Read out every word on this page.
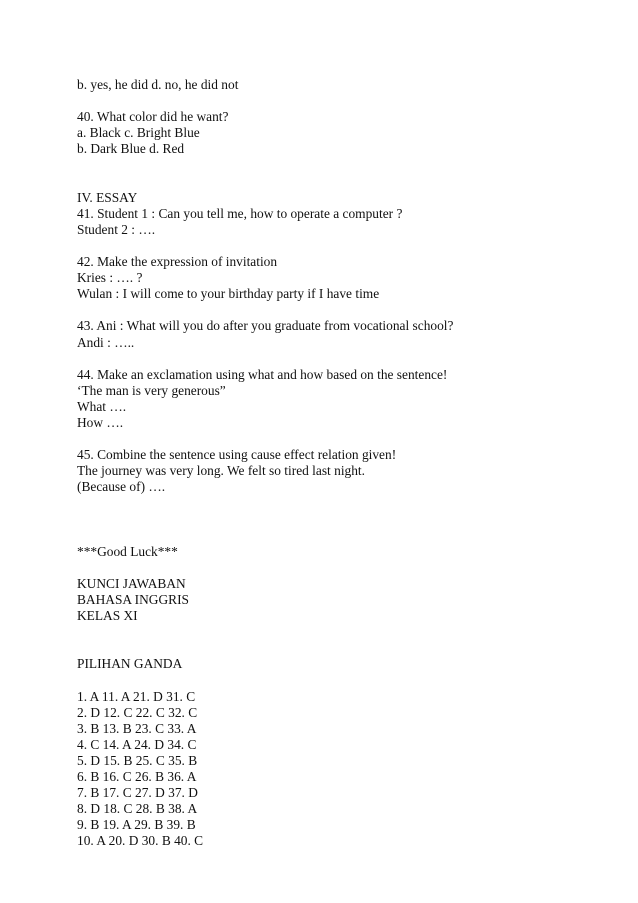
b. yes, he did d. no, he did not
40. What color did he want?
a. Black c. Bright Blue
b. Dark Blue d. Red
IV. ESSAY
41. Student 1 : Can you tell me, how to operate a computer ?
Student 2 : ….
42. Make the expression of invitation
Kries : …. ?
Wulan : I will come to your birthday party if I have time
43. Ani : What will you do after you graduate from vocational school?
Andi : …..
44. Make an exclamation using what and how based on the sentence!
‘The man is very generous”
What ….
How ….
45. Combine the sentence using cause effect relation given!
The journey was very long. We felt so tired last night.
(Because of) ….
***Good Luck***
KUNCI JAWABAN
BAHASA INGGRIS
KELAS XI
PILIHAN GANDA
1. A 11. A 21. D 31. C
2. D 12. C 22. C 32. C
3. B 13. B 23. C 33. A
4. C 14. A 24. D 34. C
5. D 15. B 25. C 35. B
6. B 16. C 26. B 36. A
7. B 17. C 27. D 37. D
8. D 18. C 28. B 38. A
9. B 19. A 29. B 39. B
10. A 20. D 30. B 40. C
